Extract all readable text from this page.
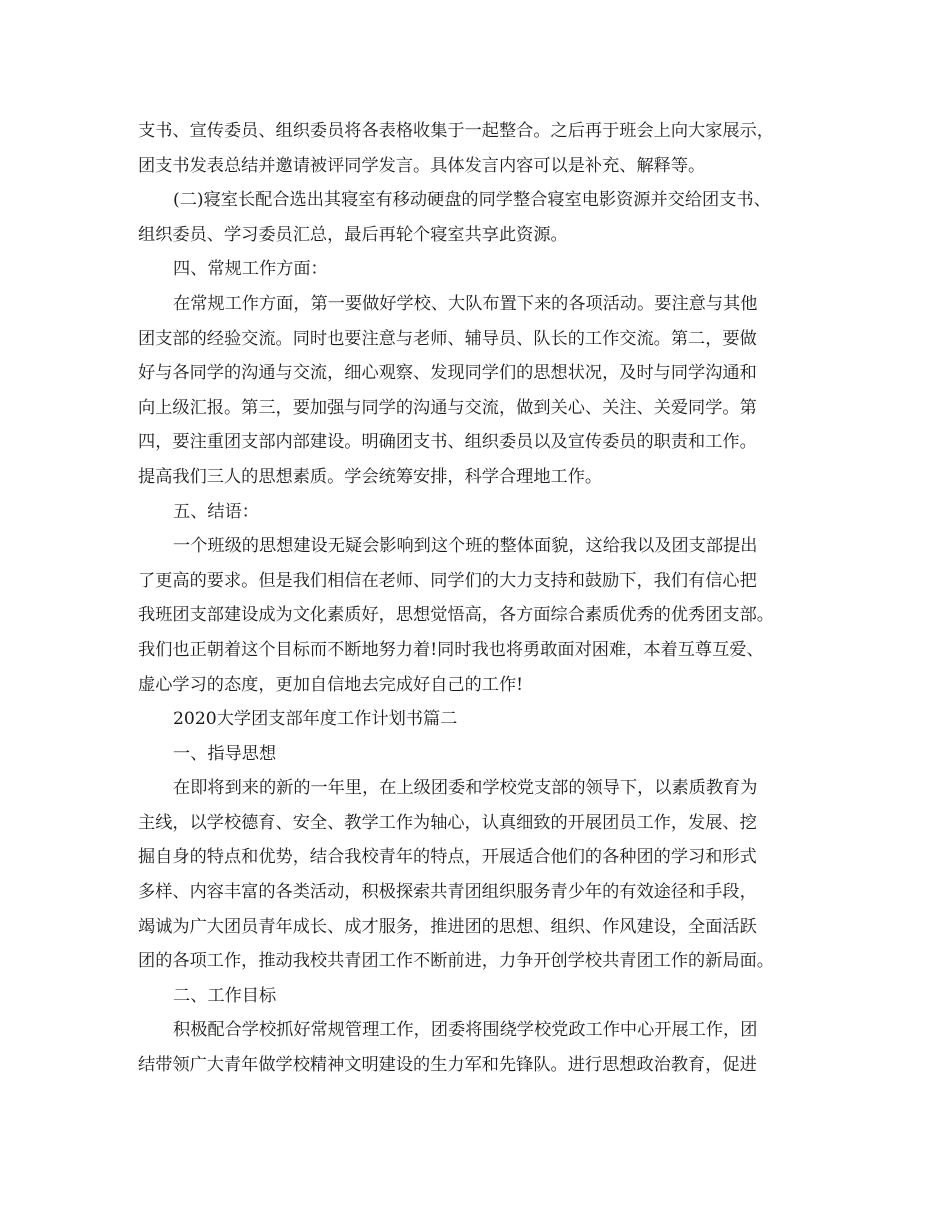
支书、宣传委员、组织委员将各表格收集于一起整合。之后再于班会上向大家展示，
团支书发表总结并邀请被评同学发言。具体发言内容可以是补充、解释等。
(二)寝室长配合选出其寝室有移动硬盘的同学整合寝室电影资源并交给团支书、
组织委员、学习委员汇总，最后再轮个寝室共享此资源。
四、常规工作方面：
在常规工作方面，第一要做好学校、大队布置下来的各项活动。要注意与其他
团支部的经验交流。同时也要注意与老师、辅导员、队长的工作交流。第二，要做
好与各同学的沟通与交流，细心观察、发现同学们的思想状况，及时与同学沟通和
向上级汇报。第三，要加强与同学的沟通与交流，做到关心、关注、关爱同学。第
四，要注重团支部内部建设。明确团支书、组织委员以及宣传委员的职责和工作。
提高我们三人的思想素质。学会统筹安排，科学合理地工作。
五、结语：
一个班级的思想建设无疑会影响到这个班的整体面貌，这给我以及团支部提出
了更高的要求。但是我们相信在老师、同学们的大力支持和鼓励下，我们有信心把
我班团支部建设成为文化素质好，思想觉悟高，各方面综合素质优秀的优秀团支部。
我们也正朝着这个目标而不断地努力着!同时我也将勇敢面对困难，本着互尊互爱、
虚心学习的态度，更加自信地去完成好自己的工作!
2020大学团支部年度工作计划书篇二
一、指导思想
在即将到来的新的一年里，在上级团委和学校党支部的领导下，以素质教育为
主线，以学校德育、安全、教学工作为轴心，认真细致的开展团员工作，发展、挖
掘自身的特点和优势，结合我校青年的特点，开展适合他们的各种团的学习和形式
多样、内容丰富的各类活动，积极探索共青团组织服务青少年的有效途径和手段，
竭诚为广大团员青年成长、成才服务，推进团的思想、组织、作风建设，全面活跃
团的各项工作，推动我校共青团工作不断前进，力争开创学校共青团工作的新局面。
二、工作目标
积极配合学校抓好常规管理工作，团委将围绕学校党政工作中心开展工作，团
结带领广大青年做学校精神文明建设的生力军和先锋队。进行思想政治教育，促进
